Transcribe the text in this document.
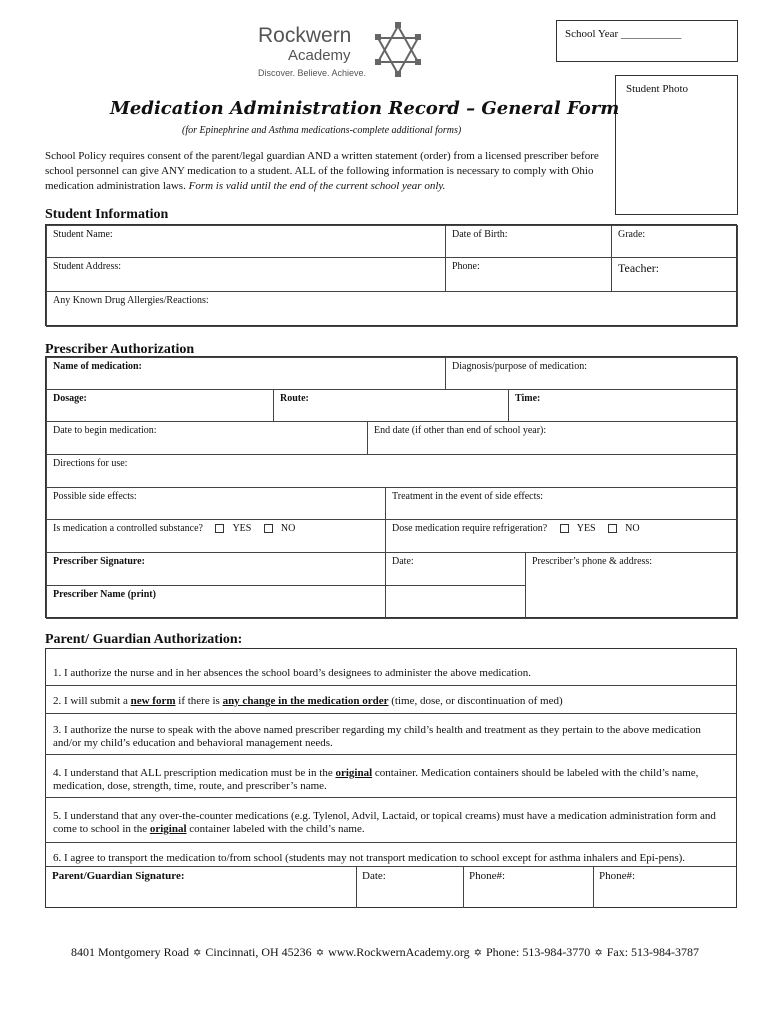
Rockwern
Academy
Discover. Believe. Achieve.
School Year ___________
Student Photo
Medication Administration Record – General Form
(for Epinephrine and Asthma medications-complete additional forms)
School Policy requires consent of the parent/legal guardian AND a written statement (order) from a licensed prescriber before school personnel can give ANY medication to a student. ALL of the following information is necessary to comply with Ohio medication administration laws. Form is valid until the end of the current school year only.
Student Information
Student Name:	Date of Birth:	Grade:
Student Address:	Phone:	Teacher:
Any Known Drug Allergies/Reactions:
Prescriber Authorization
Name of medication:	Diagnosis/purpose of medication:
Dosage:	Route:	Time:
Date to begin medication:	End date (if other than end of school year):
Directions for use:
Possible side effects:	Treatment in the event of side effects:
Is medication a controlled substance?	YES	NO	Dose medication require refrigeration?	YES	NO
Prescriber Signature:	Date:	Prescriber’s phone & address:
Prescriber Name (print)
Parent/ Guardian Authorization:
1. I authorize the nurse and in her absences the school board’s designees to administer the above medication.
2. I will submit a new form if there is any change in the medication order (time, dose, or discontinuation of med)
3. I authorize the nurse to speak with the above named prescriber regarding my child’s health and treatment as they pertain to the above medication and/or my child’s education and behavioral management needs.
4. I understand that ALL prescription medication must be in the original container. Medication containers should be labeled with the child’s name, medication, dose, strength, time, route, and prescriber’s name.
5. I understand that any over-the-counter medications (e.g. Tylenol, Advil, Lactaid, or topical creams) must have a medication administration form and come to school in the original container labeled with the child’s name.
6. I agree to transport the medication to/from school (students may not transport medication to school except for asthma inhalers and Epi-pens).
Parent/Guardian Signature:	Date:	Phone#:	Phone#:
8401 Montgomery Road ✡ Cincinnati, OH 45236 ✡ www.RockwernAcademy.org ✡ Phone: 513-984-3770 ✡ Fax: 513-984-3787
